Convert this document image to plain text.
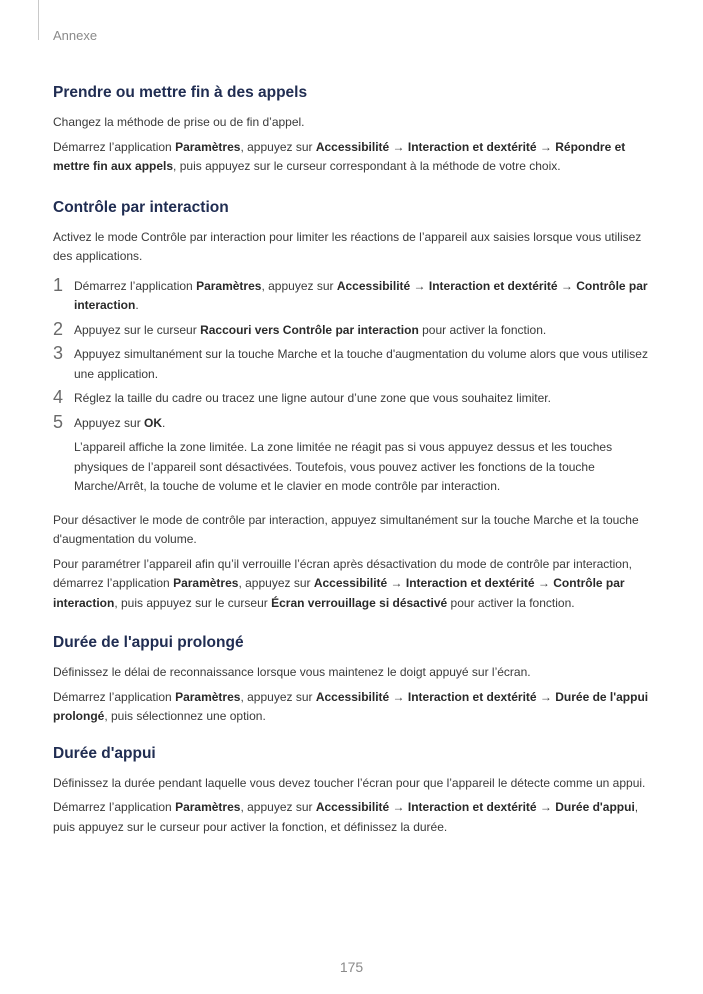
Annexe

Prendre ou mettre fin à des appels

Changez la méthode de prise ou de fin d’appel.

Démarrez l’application Paramètres, appuyez sur Accessibilité → Interaction et dextérité → Répondre et mettre fin aux appels, puis appuyez sur le curseur correspondant à la méthode de votre choix.

Contrôle par interaction

Activez le mode Contrôle par interaction pour limiter les réactions de l’appareil aux saisies lorsque vous utilisez des applications.

1 Démarrez l’application Paramètres, appuyez sur Accessibilité → Interaction et dextérité → Contrôle par interaction.
2 Appuyez sur le curseur Raccouri vers Contrôle par interaction pour activer la fonction.
3 Appuyez simultanément sur la touche Marche et la touche d'augmentation du volume alors que vous utilisez une application.
4 Réglez la taille du cadre ou tracez une ligne autour d’une zone que vous souhaitez limiter.
5 Appuyez sur OK.
L’appareil affiche la zone limitée. La zone limitée ne réagit pas si vous appuyez dessus et les touches physiques de l’appareil sont désactivées. Toutefois, vous pouvez activer les fonctions de la touche Marche/Arrêt, la touche de volume et le clavier en mode contrôle par interaction.

Pour désactiver le mode de contrôle par interaction, appuyez simultanément sur la touche Marche et la touche d'augmentation du volume.

Pour paramétrer l’appareil afin qu’il verrouille l’écran après désactivation du mode de contrôle par interaction, démarrez l’application Paramètres, appuyez sur Accessibilité → Interaction et dextérité → Contrôle par interaction, puis appuyez sur le curseur Écran verrouillage si désactivé pour activer la fonction.

Durée de l'appui prolongé

Définissez le délai de reconnaissance lorsque vous maintenez le doigt appuyé sur l’écran.

Démarrez l’application Paramètres, appuyez sur Accessibilité → Interaction et dextérité → Durée de l'appui prolongé, puis sélectionnez une option.

Durée d'appui

Définissez la durée pendant laquelle vous devez toucher l’écran pour que l’appareil le détecte comme un appui.

Démarrez l’application Paramètres, appuyez sur Accessibilité → Interaction et dextérité → Durée d'appui, puis appuyez sur le curseur pour activer la fonction, et définissez la durée.

175
